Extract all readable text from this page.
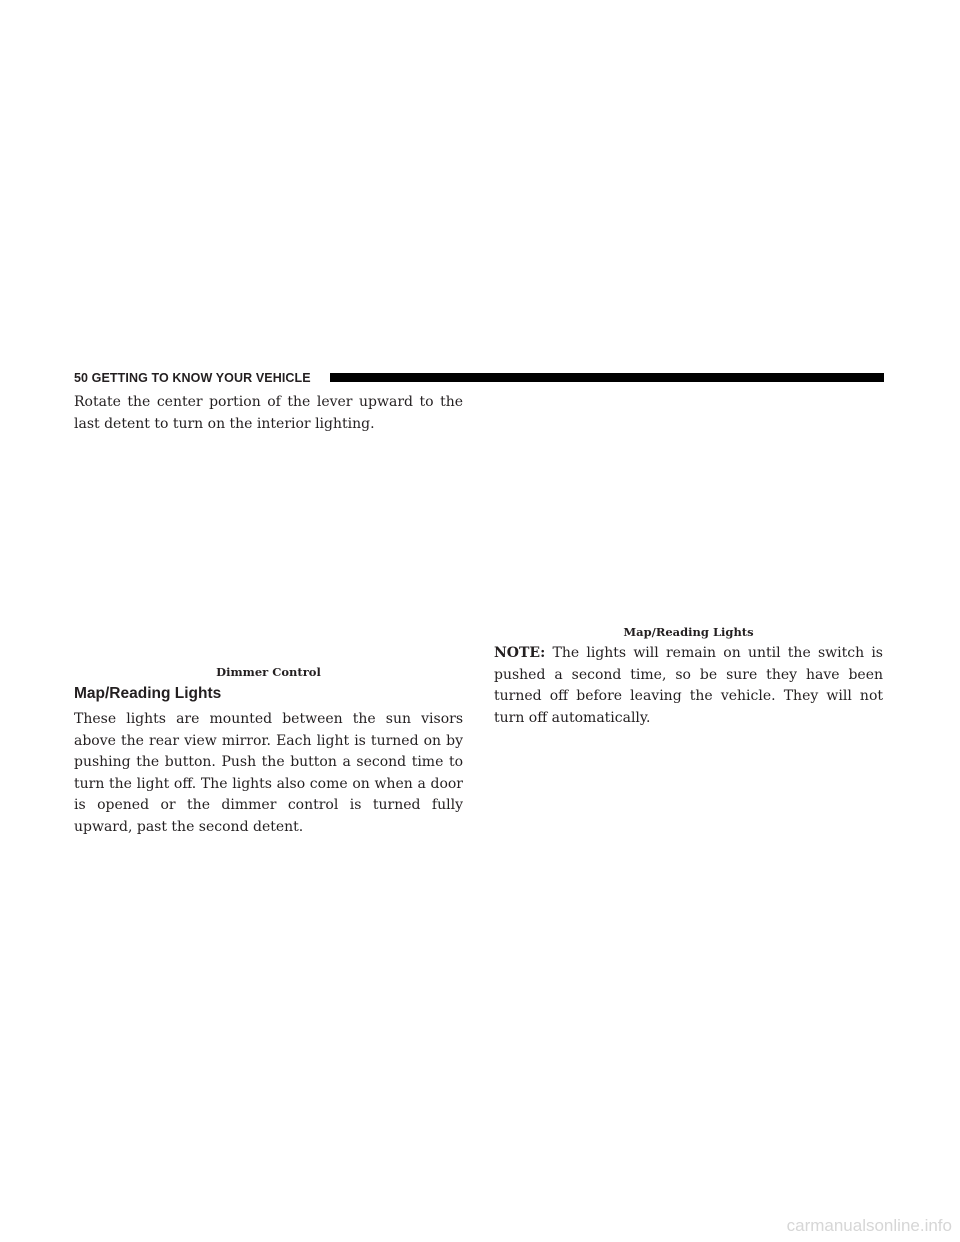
50 GETTING TO KNOW YOUR VEHICLE

Rotate the center portion of the lever upward to the last detent to turn on the interior lighting.

Dimmer Control
Map/Reading Lights

These lights are mounted between the sun visors above the rear view mirror. Each light is turned on by pushing the button. Push the button a second time to turn the light off. The lights also come on when a door is opened or the dimmer control is turned fully upward, past the second detent.

Map/Reading Lights

NOTE: The lights will remain on until the switch is pushed a second time, so be sure they have been turned off before leaving the vehicle. They will not turn off automatically.

carmanualsonline.info
